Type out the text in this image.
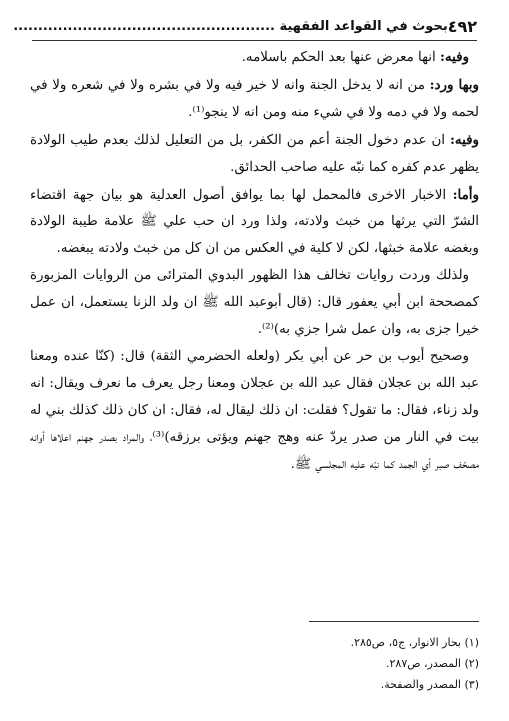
٤٩٢
بحوث في القواعد الفقهية .....................................................

وفيه: انها معرض عنها بعد الحكم باسلامه.

وبها ورد: من انه لا يدخل الجنة وانه لا خير فيه ولا في بشره ولا في شعره ولا في لحمه ولا في دمه ولا في شيء منه ومن انه لا ينجو⁽¹⁾.

وفيه: ان عدم دخول الجنة أعم من الكفر، بل من التعليل لذلك بعدم طيب الولادة يظهر عدم كفره كما نبّه عليه صاحب الحدائق.

وأما: الاخبار الاخرى فالمحمل لها بما يوافق أصول العدلية هو بيان جهة اقتضاء الشرّ التي يرثها من خبث ولادته، ولذا ورد ان حب علي ﷺ علامة طيبة الولادة وبغضه علامة خبثها، لكن لا كلية في العكس من ان كل من خبث ولادته يبغضه.

ولذلك وردت روايات تخالف هذا الظهور البدوي المترائى من الروايات المزبورة كمصححة ابن أبي يعفور قال: (قال أبوعبد الله ﷺ ان ولد الزنا يستعمل، ان عمل خيرا جزى به، وان عمل شرا جزي به)⁽²⁾.

وصحيح أيوب بن حر عن أبي بكر (ولعله الحضرمي الثقة) قال: (كنّا عنده ومعنا عبد الله بن عجلان فقال عبد الله بن عجلان ومعنا رجل يعرف ما نعرف ويقال: انه ولد زناء، فقال: ما تقول؟ فقلت: ان ذلك ليقال له، فقال: ان كان ذلك كذلك بني له بيت في النار من صدر يردّ عنه وهج جهنم ويؤتى برزقه)⁽³⁾، والمراد بصدر جهنم اعلاها أوانه مصحّف صبر أي الجمد كما نبّه عليه المجلسي ﷺ.

(١) بحار الانوار، ج٥، ص٢٨٥.
(٢) المصدر، ص٢٨٧.
(٣) المصدر والصفحة.
